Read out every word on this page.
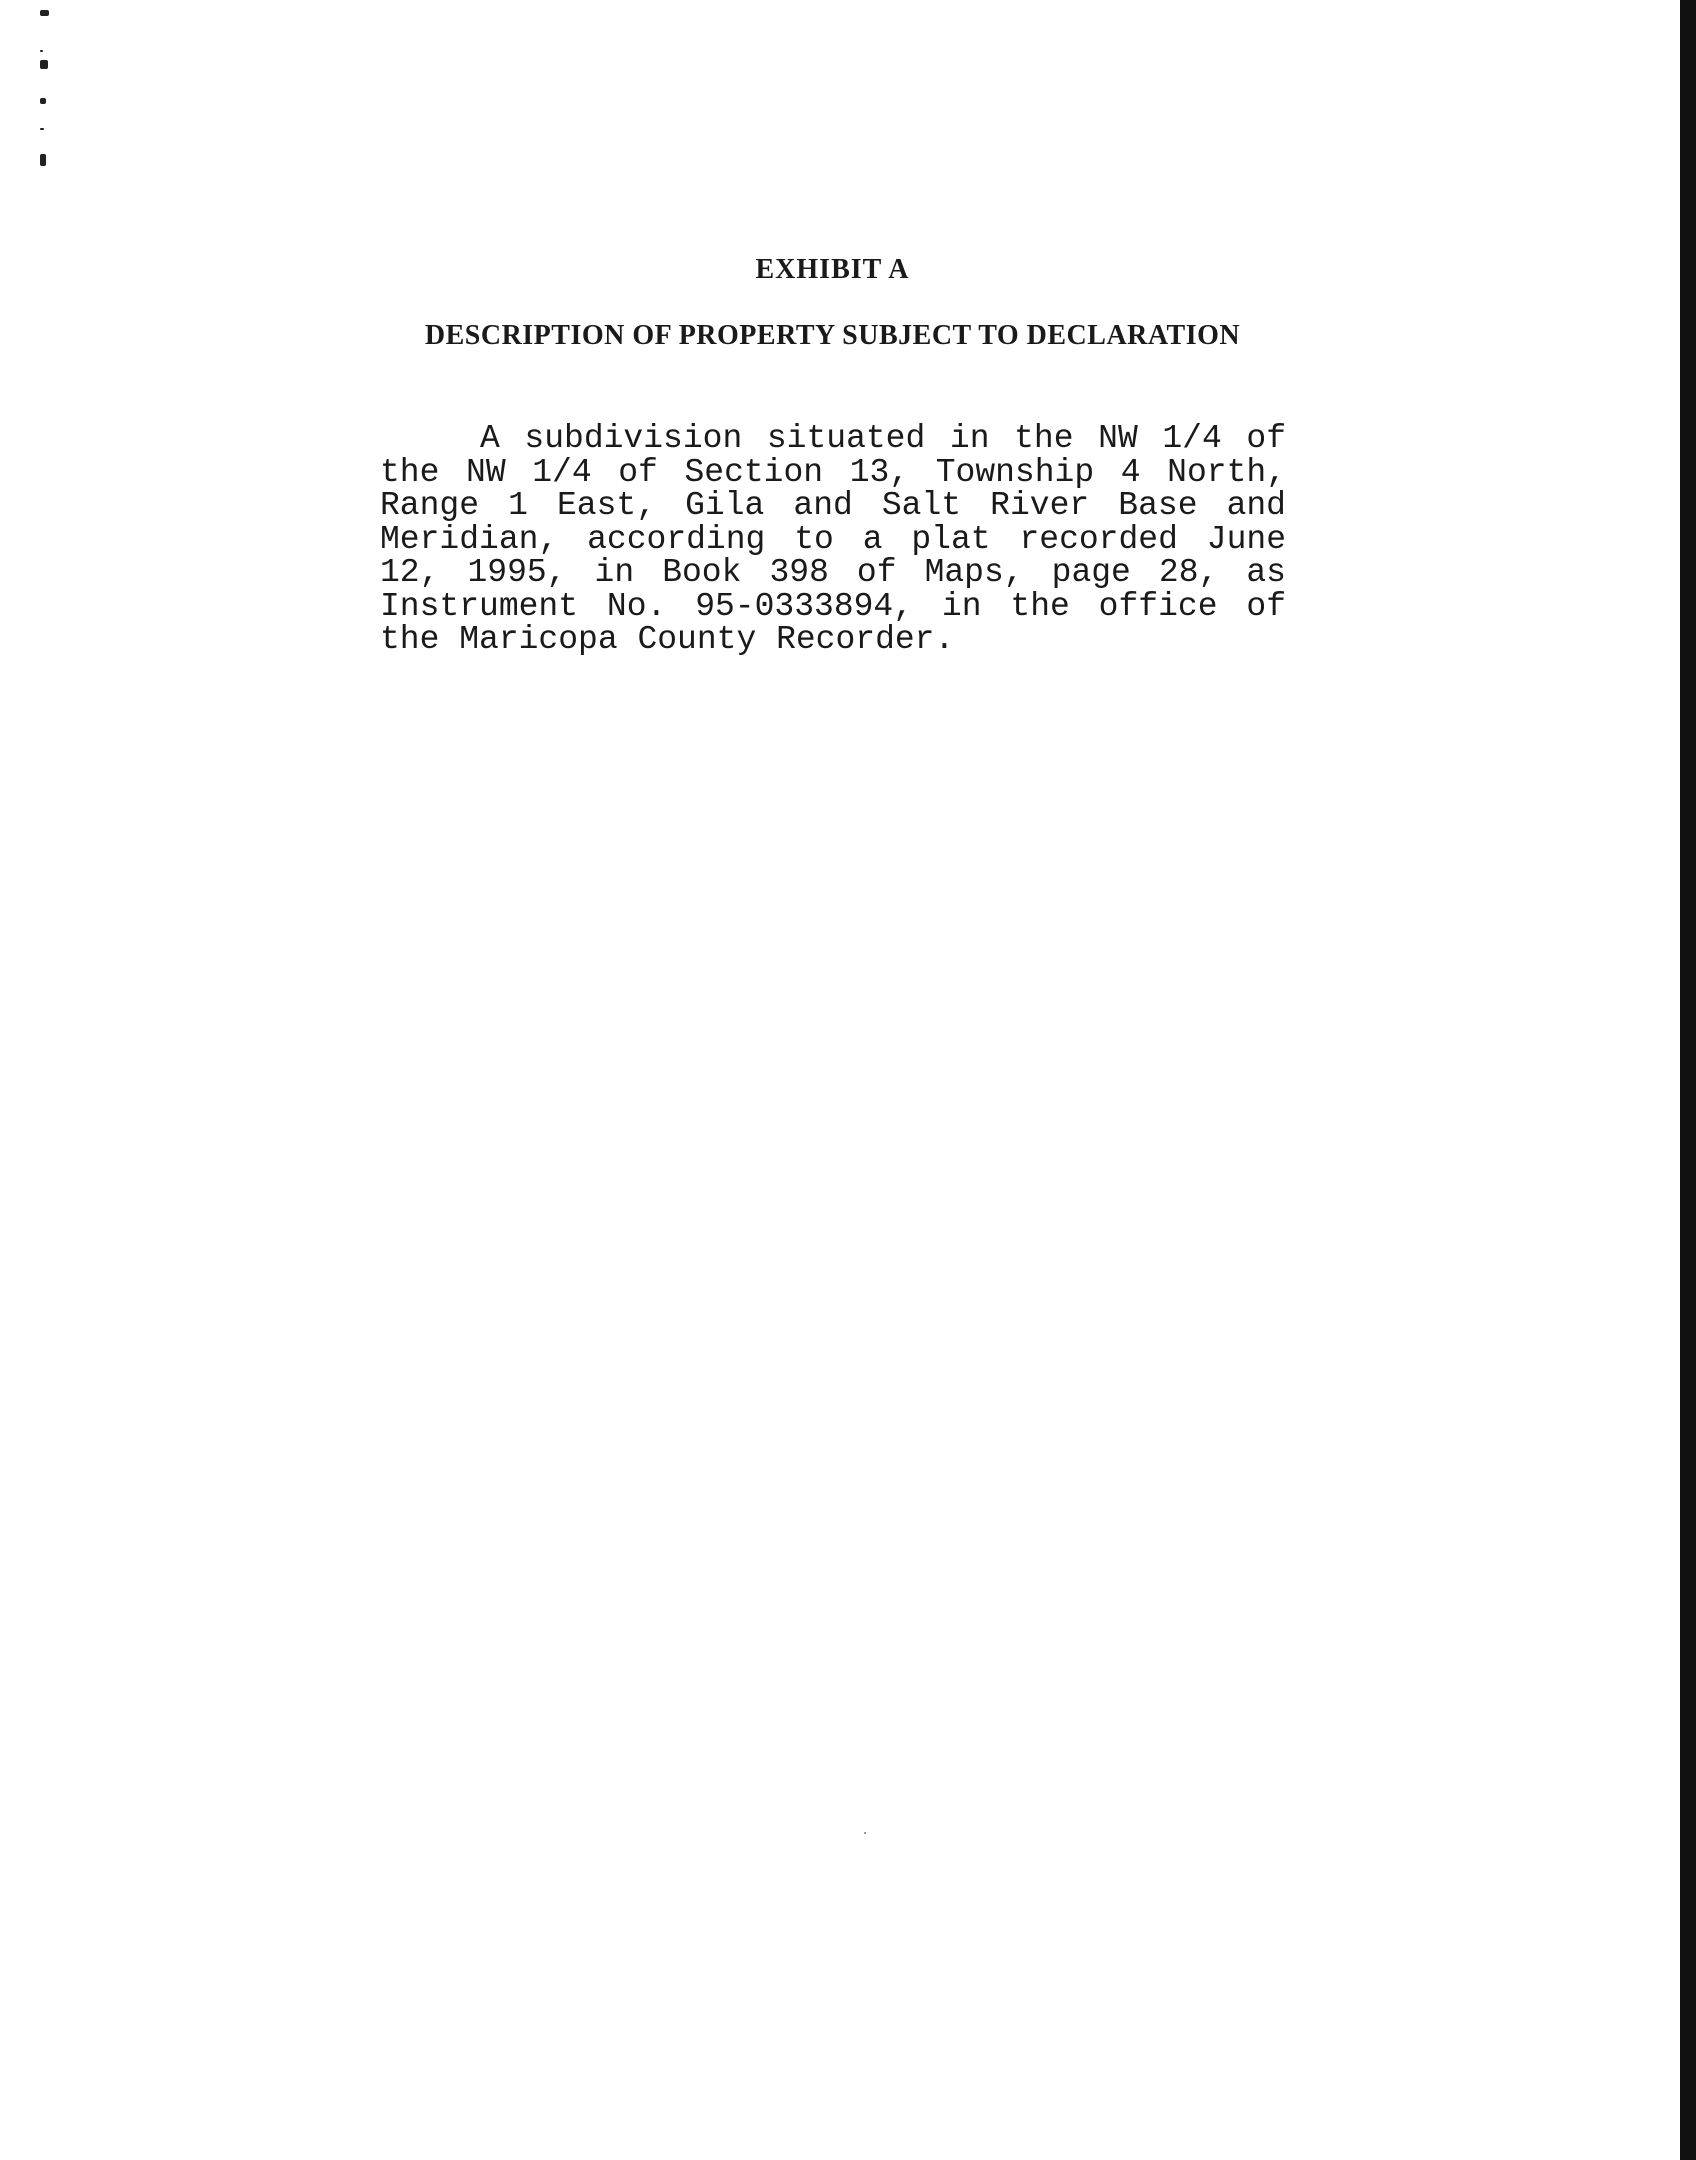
EXHIBIT A
DESCRIPTION OF PROPERTY SUBJECT TO DECLARATION
A subdivision situated in the NW 1/4 of
the NW 1/4 of Section 13, Township 4 North,
Range 1 East, Gila and Salt River Base and
Meridian, according to a plat recorded June
12, 1995, in Book 398 of Maps, page 28, as
Instrument No. 95-0333894, in the office of
the Maricopa County Recorder.
